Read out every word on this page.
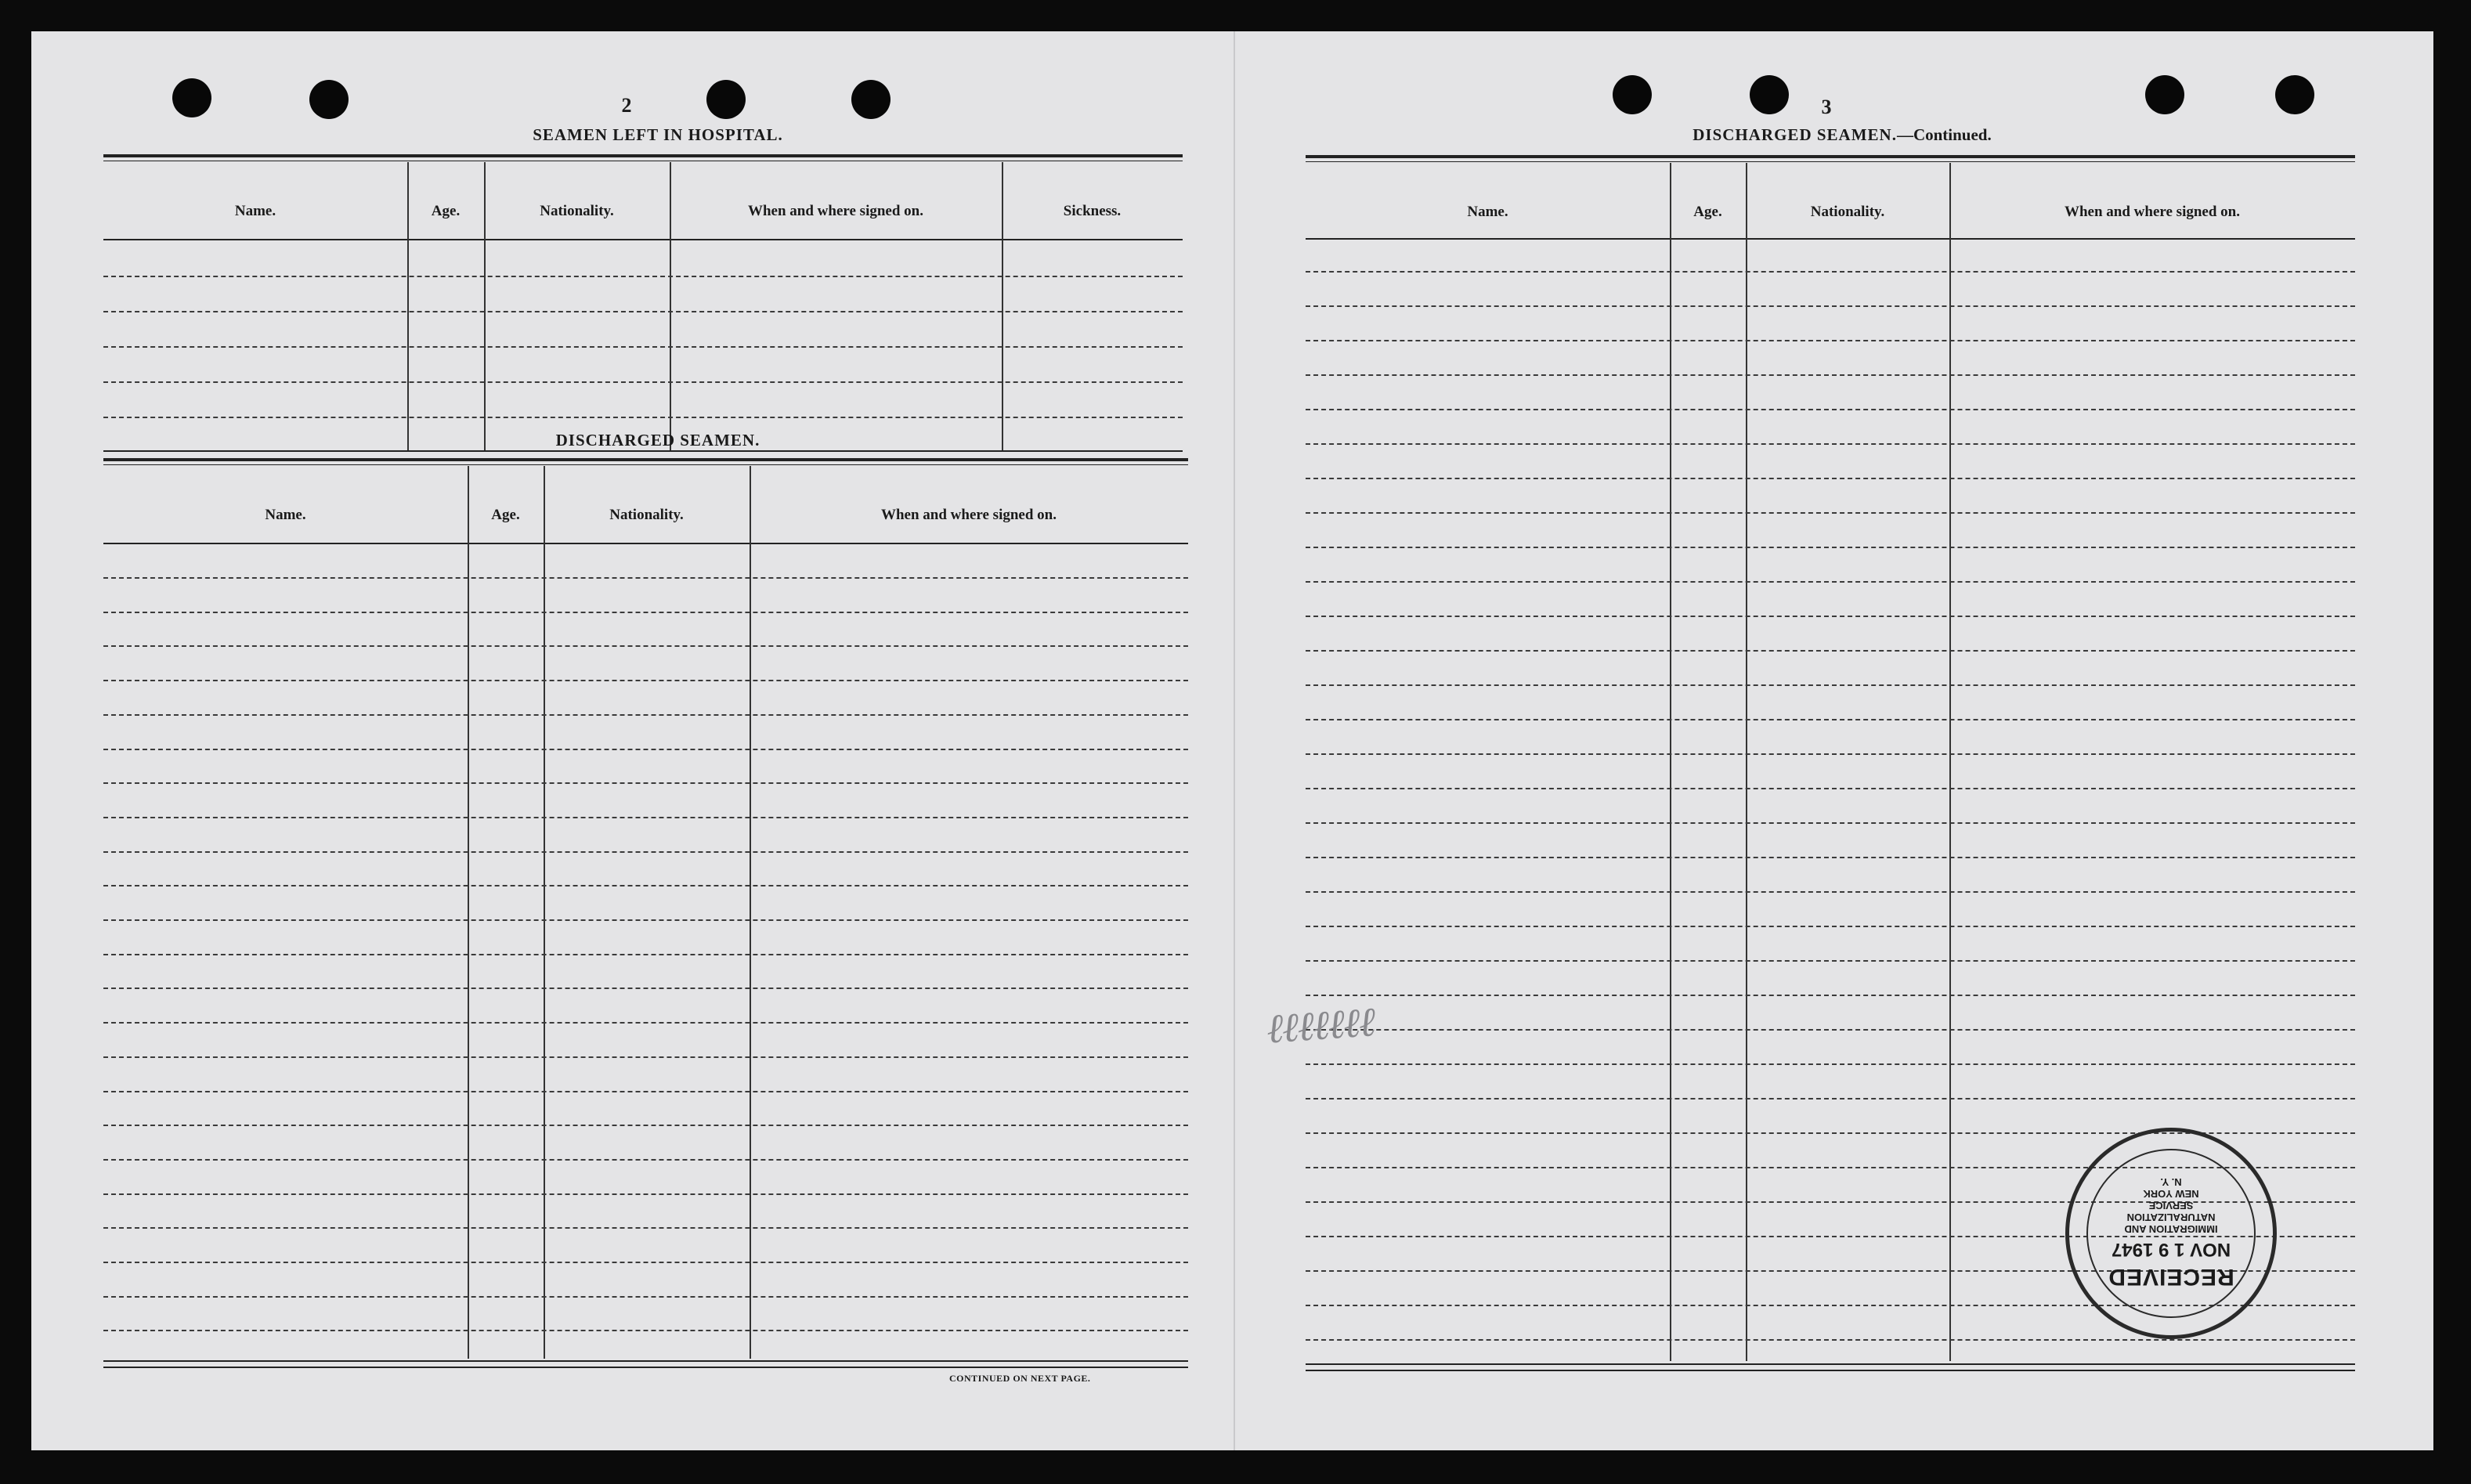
2
SEAMEN LEFT IN HOSPITAL.
Name.	Age.	Nationality.	When and where signed on.	Sickness.
DISCHARGED SEAMEN.
Name.	Age.	Nationality.	When and where signed on.
CONTINUED ON NEXT PAGE.
3
DISCHARGED SEAMEN.—Continued.
Name.	Age.	Nationality.	When and where signed on.
ℓℓℓℓℓℓℓ
RECEIVED
NOV 1 9 1947
IMMIGRATION AND
NATURALIZATION
SERVICE
NEW YORK
N. Y.
